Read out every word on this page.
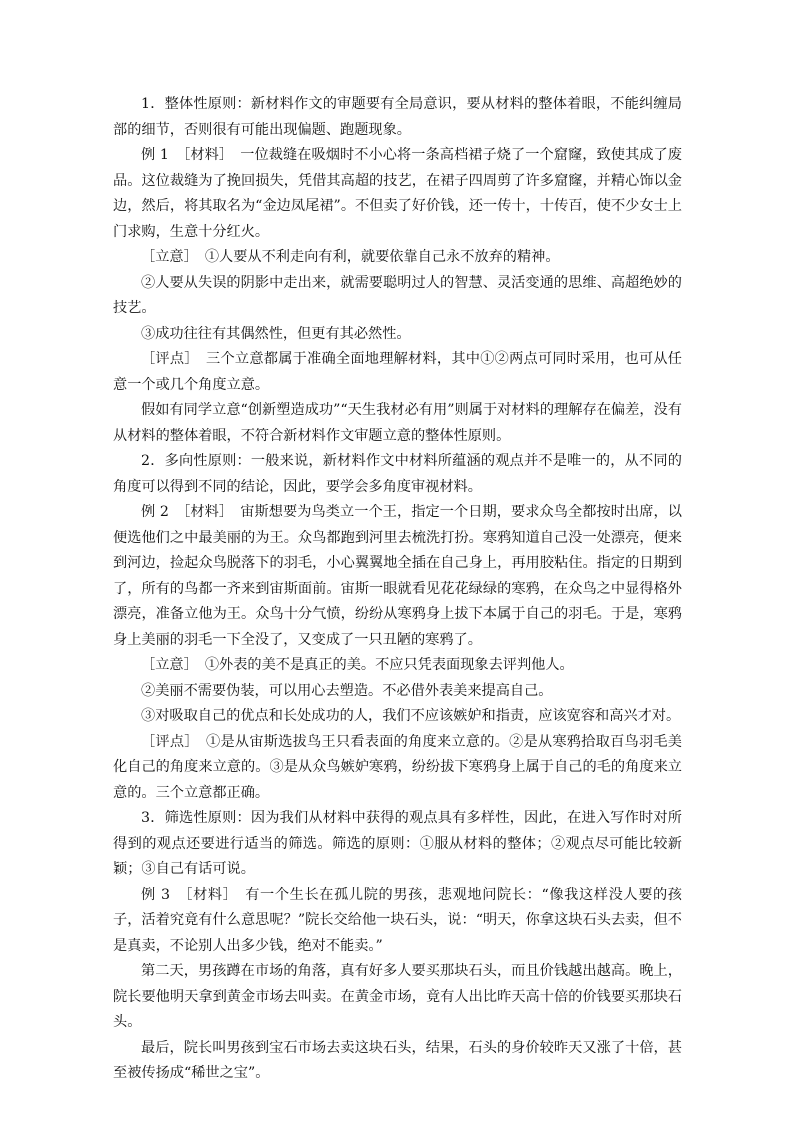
1．整体性原则：新材料作文的审题要有全局意识，要从材料的整体着眼，不能纠缠局部的细节，否则很有可能出现偏题、跑题现象。

例 1　［材料］　一位裁缝在吸烟时不小心将一条高档裙子烧了一个窟窿，致使其成了废品。这位裁缝为了挽回损失，凭借其高超的技艺，在裙子四周剪了许多窟窿，并精心饰以金边，然后，将其取名为“金边凤尾裙”。不但卖了好价钱，还一传十，十传百，使不少女士上门求购，生意十分红火。

［立意］　①人要从不利走向有利，就要依靠自己永不放弃的精神。

②人要从失误的阴影中走出来，就需要聪明过人的智慧、灵活变通的思维、高超绝妙的技艺。

③成功往往有其偶然性，但更有其必然性。

［评点］　三个立意都属于准确全面地理解材料，其中①②两点可同时采用，也可从任意一个或几个角度立意。

假如有同学立意“创新塑造成功”“天生我材必有用”则属于对材料的理解存在偏差，没有从材料的整体着眼，不符合新材料作文审题立意的整体性原则。

2．多向性原则：一般来说，新材料作文中材料所蕴涵的观点并不是唯一的，从不同的角度可以得到不同的结论，因此，要学会多角度审视材料。

例 2　［材料］　宙斯想要为鸟类立一个王，指定一个日期，要求众鸟全都按时出席，以便选他们之中最美丽的为王。众鸟都跑到河里去梳洗打扮。寒鸦知道自己没一处漂亮，便来到河边，捡起众鸟脱落下的羽毛，小心翼翼地全插在自己身上，再用胶粘住。指定的日期到了，所有的鸟都一齐来到宙斯面前。宙斯一眼就看见花花绿绿的寒鸦，在众鸟之中显得格外漂亮，准备立他为王。众鸟十分气愤，纷纷从寒鸦身上拔下本属于自己的羽毛。于是，寒鸦身上美丽的羽毛一下全没了，又变成了一只丑陋的寒鸦了。

［立意］　①外表的美不是真正的美。不应只凭表面现象去评判他人。

②美丽不需要伪装，可以用心去塑造。不必借外表美来提高自己。

③对吸取自己的优点和长处成功的人，我们不应该嫉妒和指责，应该宽容和高兴才对。

［评点］　①是从宙斯选拔鸟王只看表面的角度来立意的。②是从寒鸦拾取百鸟羽毛美化自己的角度来立意的。③是从众鸟嫉妒寒鸦，纷纷拔下寒鸦身上属于自己的毛的角度来立意的。三个立意都正确。

3．筛选性原则：因为我们从材料中获得的观点具有多样性，因此，在进入写作时对所得到的观点还要进行适当的筛选。筛选的原则：①服从材料的整体；②观点尽可能比较新颖；③自己有话可说。

例 3　［材料］　有一个生长在孤儿院的男孩，悲观地问院长：“像我这样没人要的孩子，活着究竟有什么意思呢？”院长交给他一块石头，说：“明天，你拿这块石头去卖，但不是真卖，不论别人出多少钱，绝对不能卖。”

第二天，男孩蹲在市场的角落，真有好多人要买那块石头，而且价钱越出越高。晚上，院长要他明天拿到黄金市场去叫卖。在黄金市场，竟有人出比昨天高十倍的价钱要买那块石头。

最后，院长叫男孩到宝石市场去卖这块石头，结果，石头的身价较昨天又涨了十倍，甚至被传扬成“稀世之宝”。
